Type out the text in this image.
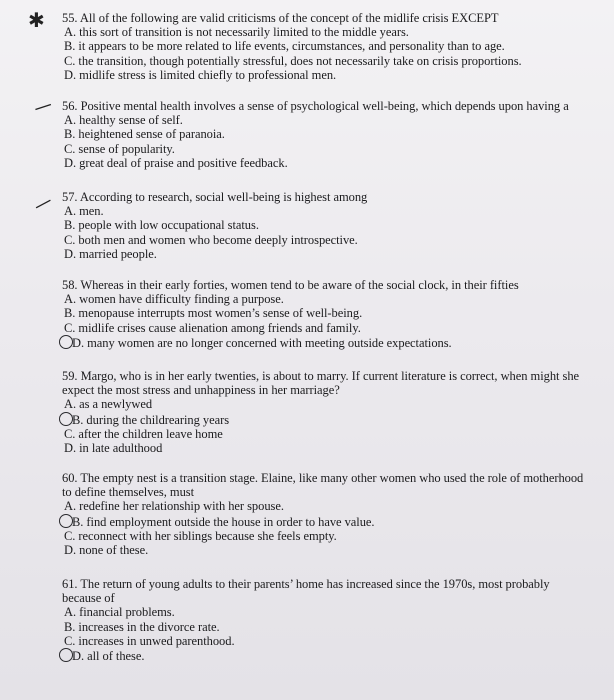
✱
—
—
55. All of the following are valid criticisms of the concept of the midlife crisis EXCEPT
A. this sort of transition is not necessarily limited to the middle years.
B. it appears to be more related to life events, circumstances, and personality than to age.
C. the transition, though potentially stressful, does not necessarily take on crisis proportions.
D. midlife stress is limited chiefly to professional men.
56. Positive mental health involves a sense of psychological well-being, which depends upon having a
A. healthy sense of self.
B. heightened sense of paranoia.
C. sense of popularity.
D. great deal of praise and positive feedback.
57. According to research, social well-being is highest among
A. men.
B. people with low occupational status.
C. both men and women who become deeply introspective.
D. married people.
58. Whereas in their early forties, women tend to be aware of the social clock, in their fifties
A. women have difficulty finding a purpose.
B. menopause interrupts most women’s sense of well-being.
C. midlife crises cause alienation among friends and family.
D. many women are no longer concerned with meeting outside expectations.
59. Margo, who is in her early twenties, is about to marry. If current literature is correct, when might she
expect the most stress and unhappiness in her marriage?
A. as a newlywed
B. during the childrearing years
C. after the children leave home
D. in late adulthood
60. The empty nest is a transition stage. Elaine, like many other women who used the role of motherhood
to define themselves, must
A. redefine her relationship with her spouse.
B. find employment outside the house in order to have value.
C. reconnect with her siblings because she feels empty.
D. none of these.
61. The return of young adults to their parents’ home has increased since the 1970s, most probably
because of
A. financial problems.
B. increases in the divorce rate.
C. increases in unwed parenthood.
D. all of these.
